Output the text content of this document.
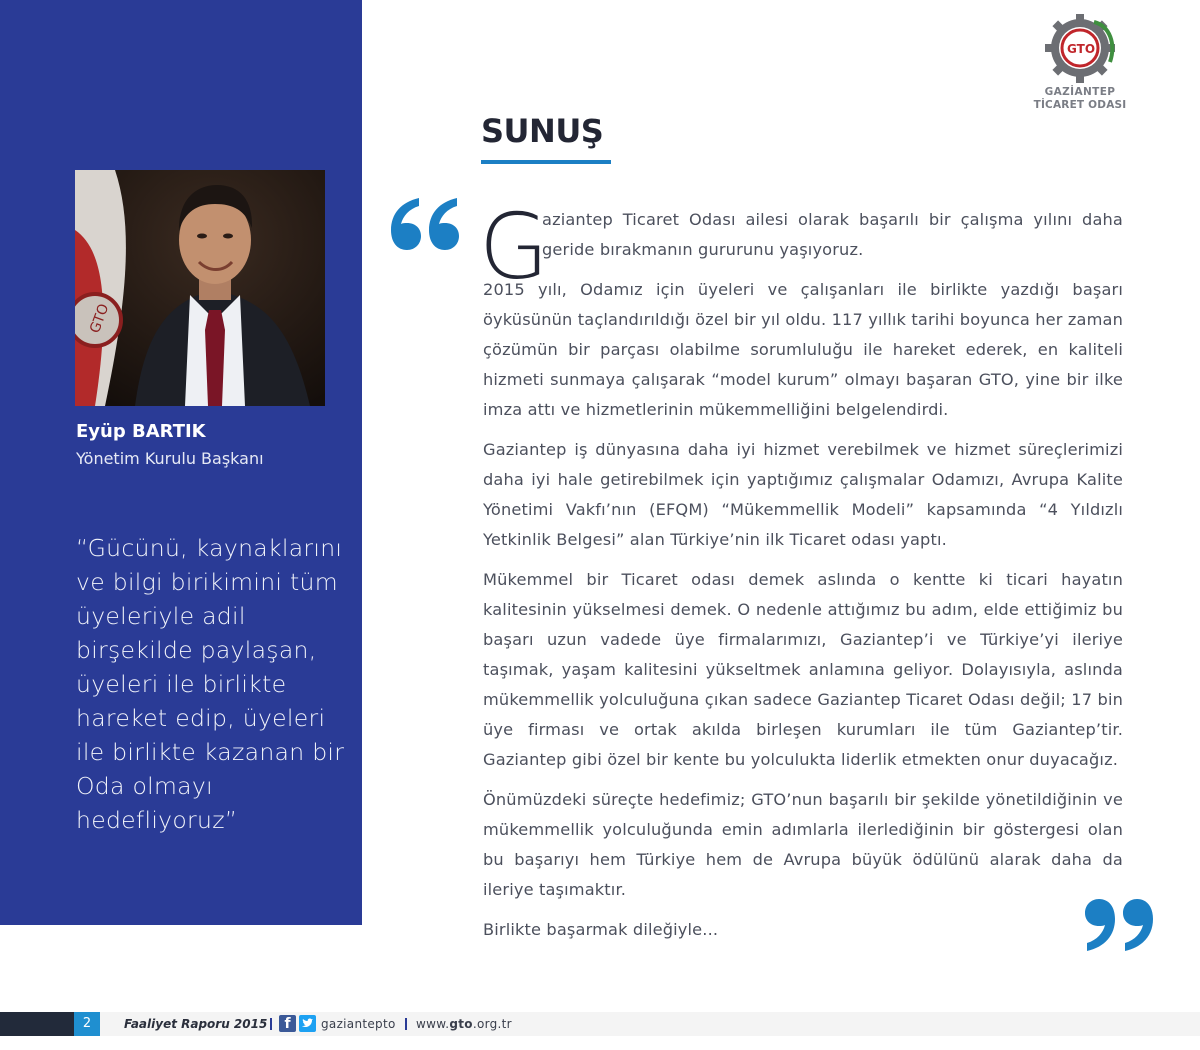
GTO
Eyüp BARTIK
Yönetim Kurulu Başkanı
“Gücünü, kaynaklarını ve bilgi birikimini tüm üyeleriyle adil birşekilde paylaşan, üyeleri ile birlikte hareket edip, üyeleri ile birlikte kazanan bir Oda olmayı hedefliyoruz”
GTO
GAZİANTEP
TİCARET ODASI
SUNUŞ
G
aziantep Ticaret Odası ailesi olarak başarılı bir çalışma yılını daha geride bırakmanın gururunu yaşıyoruz.
2015 yılı, Odamız için üyeleri ve çalışanları ile birlikte yazdığı başarı öyküsünün taçlandırıldığı özel bir yıl oldu. 117 yıllık tarihi boyunca her zaman çözümün bir parçası olabilme sorumluluğu ile hareket ederek, en kaliteli hizmeti sunmaya çalışarak “model kurum” olmayı başaran GTO, yine bir ilke imza attı ve hizmetlerinin mükemmelliğini belgelendirdi.
Gaziantep iş dünyasına daha iyi hizmet verebilmek ve hizmet süreçlerimizi daha iyi hale getirebilmek için yaptığımız çalışmalar Odamızı, Avrupa Kalite Yönetimi Vakfı’nın (EFQM) “Mükemmellik Modeli” kapsamında “4 Yıldızlı Yetkinlik Belgesi” alan Türkiye’nin ilk Ticaret odası yaptı.
Mükemmel bir Ticaret odası demek aslında o kentte ki ticari hayatın kalitesinin yükselmesi demek. O nedenle attığımız bu adım, elde ettiğimiz bu başarı uzun vadede üye firmalarımızı, Gaziantep’i ve Türkiye’yi ileriye taşımak, yaşam kalitesini yükseltmek anlamına geliyor. Dolayısıyla, aslında mükemmellik yolculuğuna çıkan sadece Gaziantep Ticaret Odası değil; 17 bin üye firması ve ortak akılda birleşen kurumları ile tüm Gaziantep’tir. Gaziantep gibi özel bir kente bu yolculukta liderlik etmekten onur duyacağız.
Önümüzdeki süreçte hedefimiz; GTO’nun başarılı bir şekilde yönetildiğinin ve mükemmellik yolculuğunda emin adımlarla ilerlediğinin bir göstergesi olan bu başarıyı hem Türkiye hem de Avrupa büyük ödülünü alarak daha da ileriye taşımaktır.
Birlikte başarmak dileğiyle...
2	Faaliyet Raporu 2015	f	gaziantepto www.gto.org.tr
